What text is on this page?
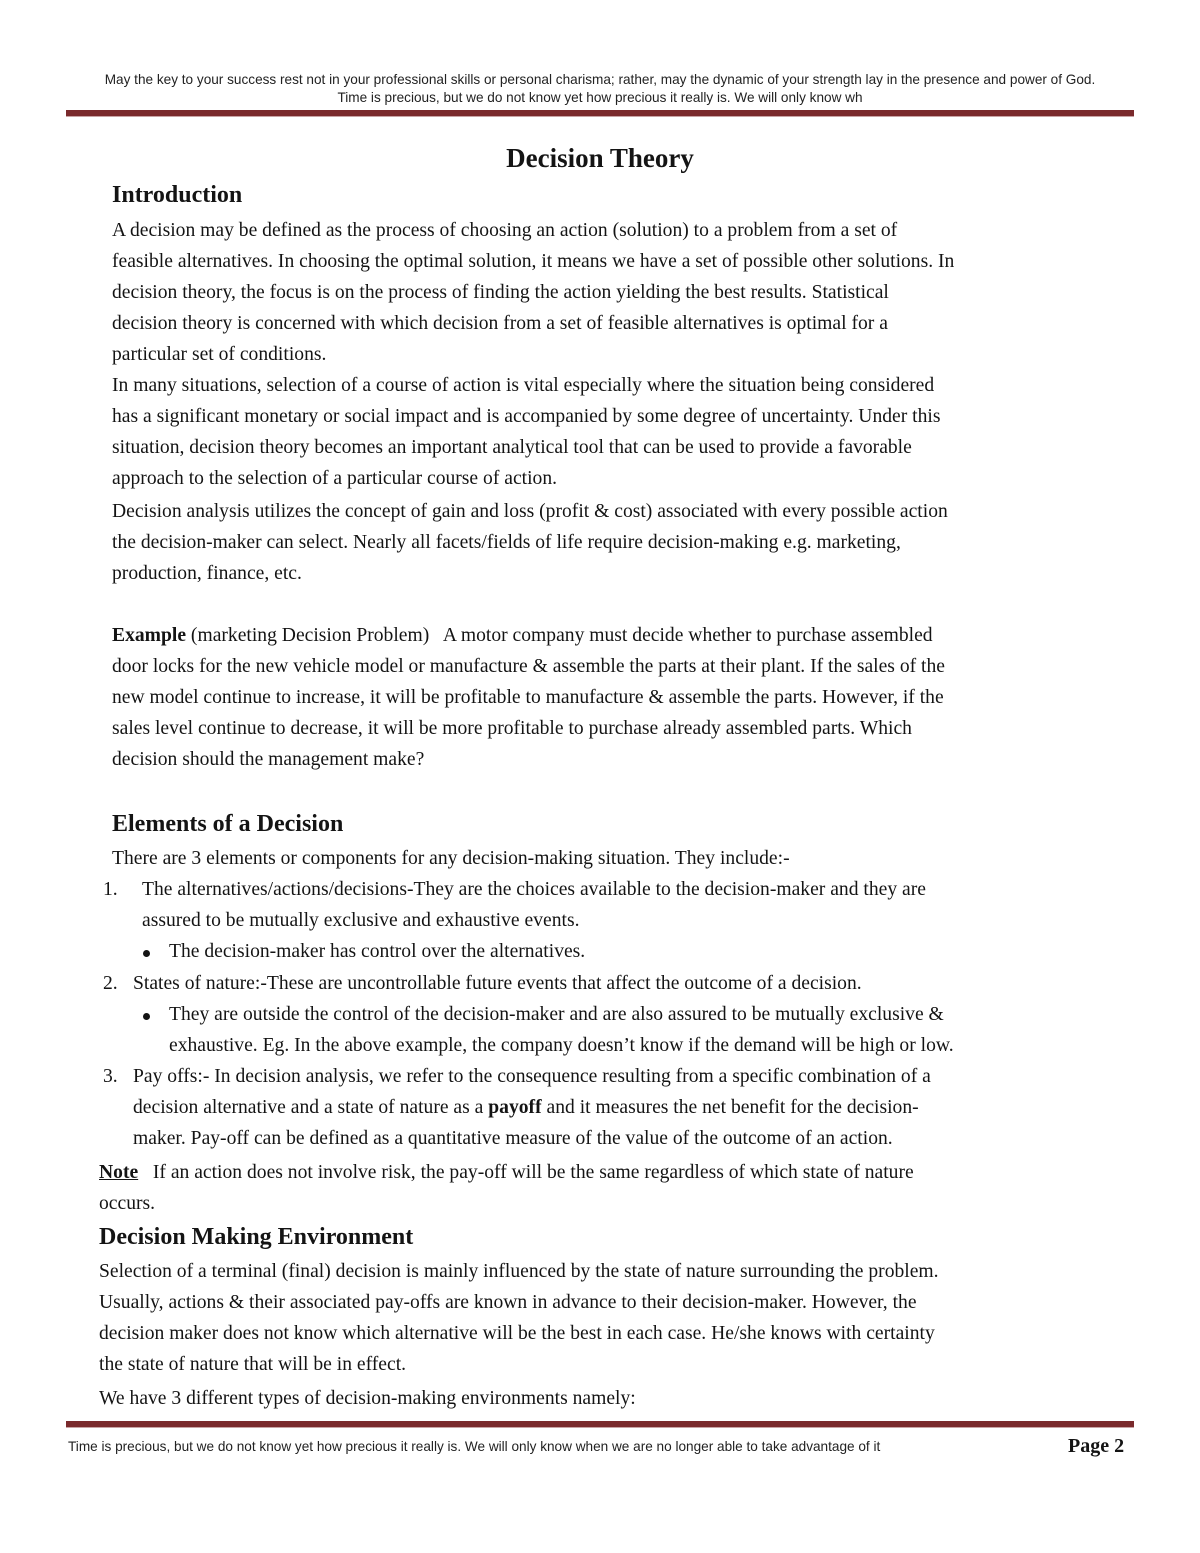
May the key to your success rest not in your professional skills or personal charisma; rather, may the dynamic of your strength lay in the presence and power of God.
Time is precious, but we do not know yet how precious it really is. We will only know wh
Decision Theory
Introduction
A decision may be defined as the process of choosing an action (solution) to a problem from a set of
feasible alternatives. In choosing the optimal solution, it means we have a set of possible other solutions. In
decision theory, the focus is on the process of finding the action yielding the best results. Statistical
decision theory is concerned with which decision from a set of feasible alternatives is optimal for a
particular set of conditions.
In many situations, selection of a course of action is vital especially where the situation being considered
has a significant monetary or social impact and is accompanied by some degree of uncertainty. Under this
situation, decision theory becomes an important analytical tool that can be used to provide a favorable
approach to the selection of a particular course of action.
Decision analysis utilizes the concept of gain and loss (profit & cost) associated with every possible action
the decision-maker can select. Nearly all facets/fields of life require decision-making e.g. marketing,
production, finance, etc.
Example (marketing Decision Problem)   A motor company must decide whether to purchase assembled
door locks for the new vehicle model or manufacture & assemble the parts at their plant. If the sales of the
new model continue to increase, it will be profitable to manufacture & assemble the parts. However, if the
sales level continue to decrease, it will be more profitable to purchase already assembled parts. Which
decision should the management make?
Elements of a Decision
There are 3 elements or components for any decision-making situation. They include:-
1. The alternatives/actions/decisions-They are the choices available to the decision-maker and they are
assured to be mutually exclusive and exhaustive events.
The decision-maker has control over the alternatives.
2. States of nature:-These are uncontrollable future events that affect the outcome of a decision.
They are outside the control of the decision-maker and are also assured to be mutually exclusive &
exhaustive. Eg. In the above example, the company doesn’t know if the demand will be high or low.
3. Pay offs:- In decision analysis, we refer to the consequence resulting from a specific combination of a
decision alternative and a state of nature as a payoff and it measures the net benefit for the decision-
maker. Pay-off can be defined as a quantitative measure of the value of the outcome of an action.
Note   If an action does not involve risk, the pay-off will be the same regardless of which state of nature
occurs.
Decision Making Environment
Selection of a terminal (final) decision is mainly influenced by the state of nature surrounding the problem.
Usually, actions & their associated pay-offs are known in advance to their decision-maker. However, the
decision maker does not know which alternative will be the best in each case. He/she knows with certainty
the state of nature that will be in effect.
We have 3 different types of decision-making environments namely:
Time is precious, but we do not know yet how precious it really is. We will only know when we are no longer able to take advantage of it	Page 2
